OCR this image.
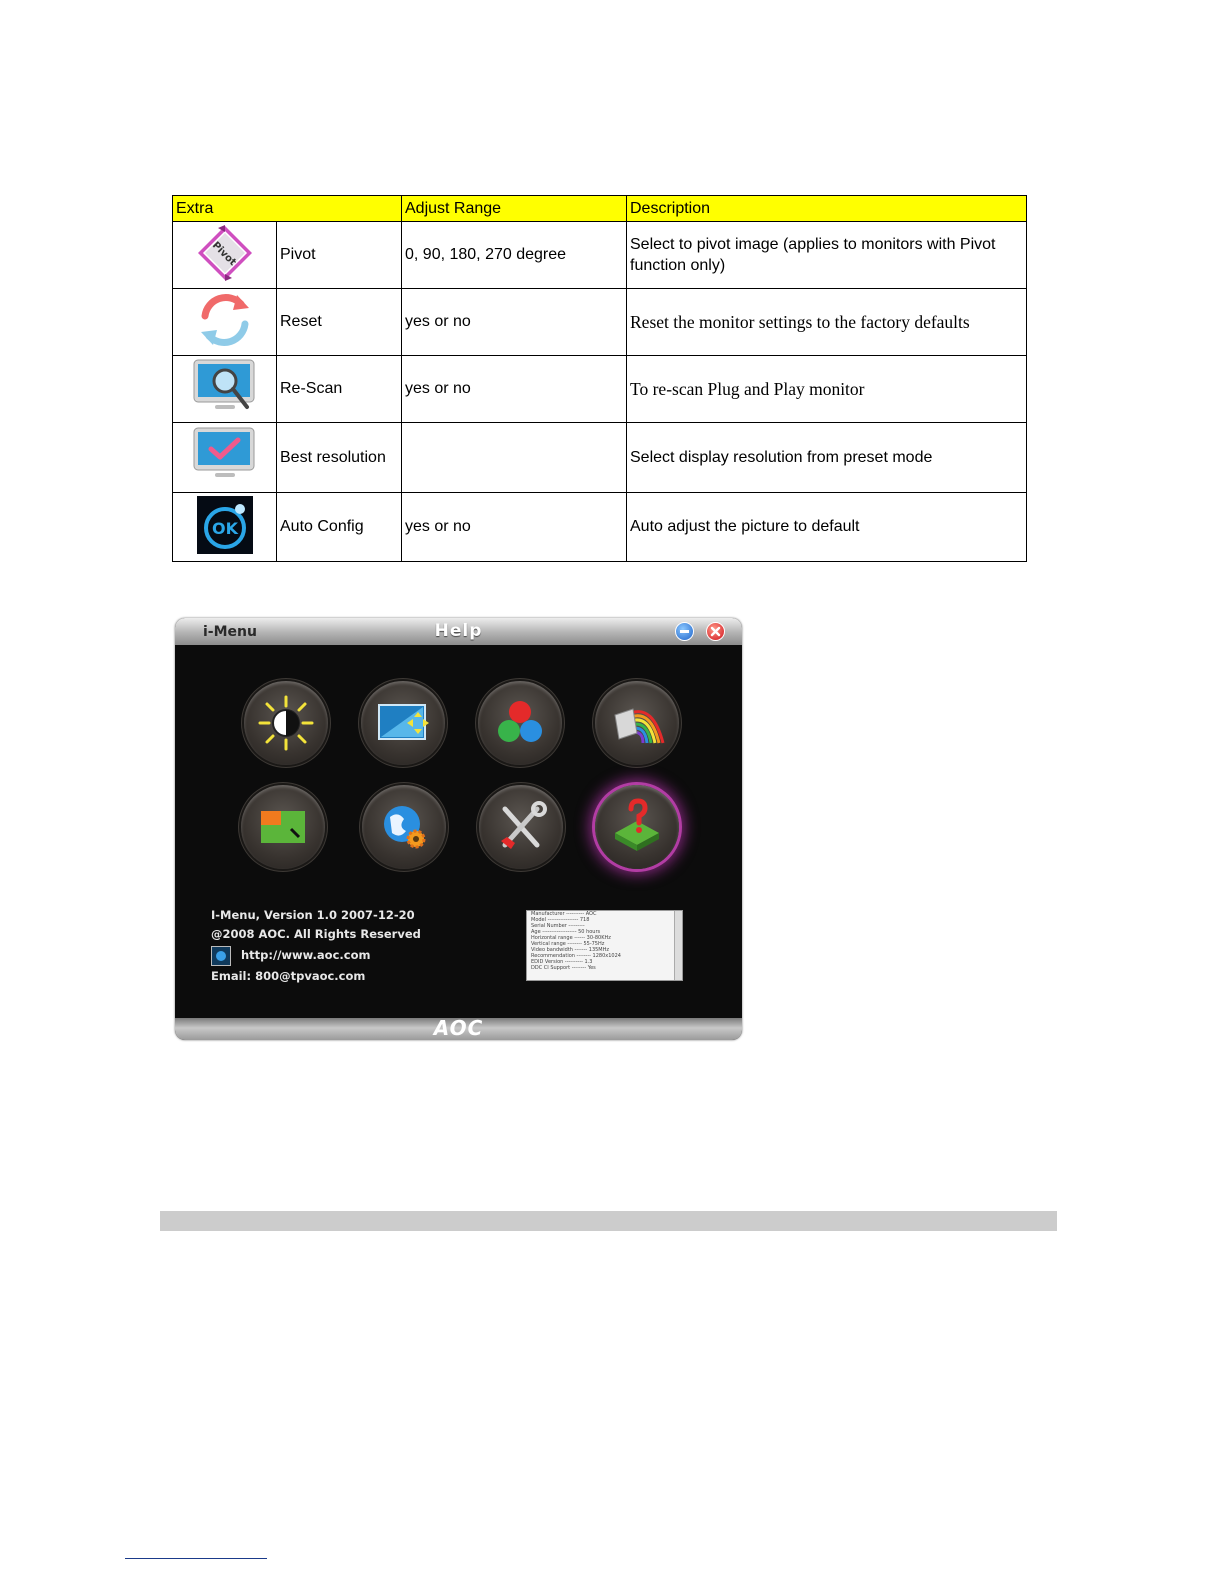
Extra		Adjust Range	Description

Pivot	Pivot	0, 90, 180, 270 degree	Select to pivot image (applies to monitors with Pivot function only)
	Reset	yes or no	Reset the monitor settings to the factory defaults
	Re-Scan	yes or no	To re-scan Plug and Play monitor
	Best resolution		Select display resolution from preset mode

OK	Auto Config	yes or no	Auto adjust the picture to default
i-Menu	Help
I-Menu, Version 1.0 2007-12-20
@2008 AOC. All Rights Reserved
http://www.aoc.com
Email: 800@tpvaoc.com
Manufacturer ---------- AOC
Model ----------------- 718
Serial Number ---------
Age ------------------- 50 hours
Horizontal range ------ 30-80KHz
Vertical range -------- 55-75Hz
Video bandwidth ------- 135MHz
Recommendation -------- 1280x1024
EDID Version ---------- 1.3
DDC CI Support -------- Yes
AOC
